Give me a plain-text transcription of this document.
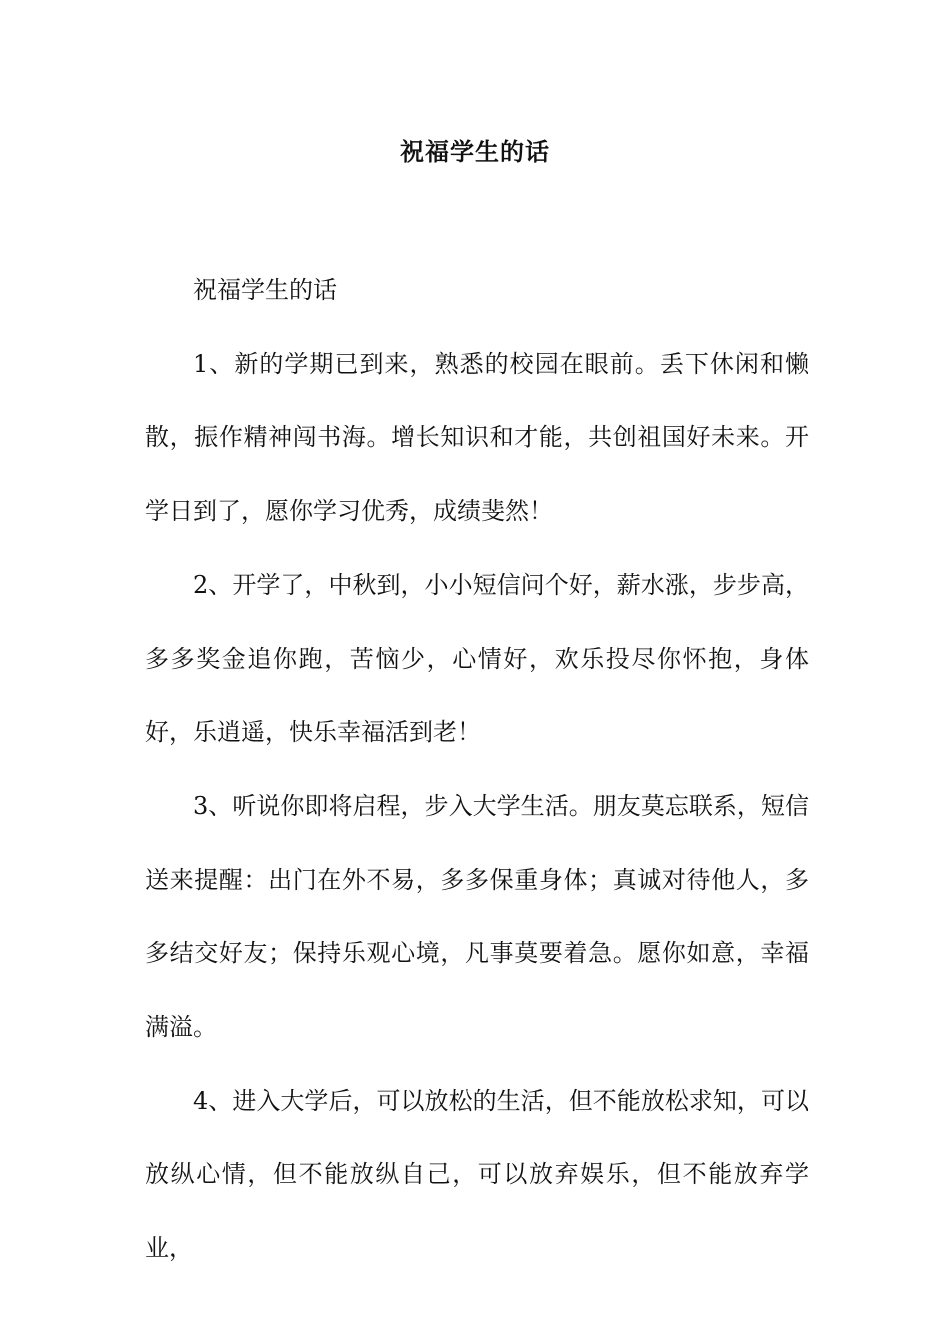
祝福学生的话

祝福学生的话

1、新的学期已到来，熟悉的校园在眼前。丢下休闲和懒散，振作精神闯书海。增长知识和才能，共创祖国好未来。开学日到了，愿你学习优秀，成绩斐然！

2、开学了，中秋到，小小短信问个好，薪水涨，步步高，多多奖金追你跑，苦恼少，心情好，欢乐投尽你怀抱，身体好，乐逍遥，快乐幸福活到老！

3、听说你即将启程，步入大学生活。朋友莫忘联系，短信送来提醒：出门在外不易，多多保重身体；真诚对待他人，多多结交好友；保持乐观心境，凡事莫要着急。愿你如意，幸福满溢。

4、进入大学后，可以放松的生活，但不能放松求知，可以放纵心情，但不能放纵自己，可以放弃娱乐，但不能放弃学业，
